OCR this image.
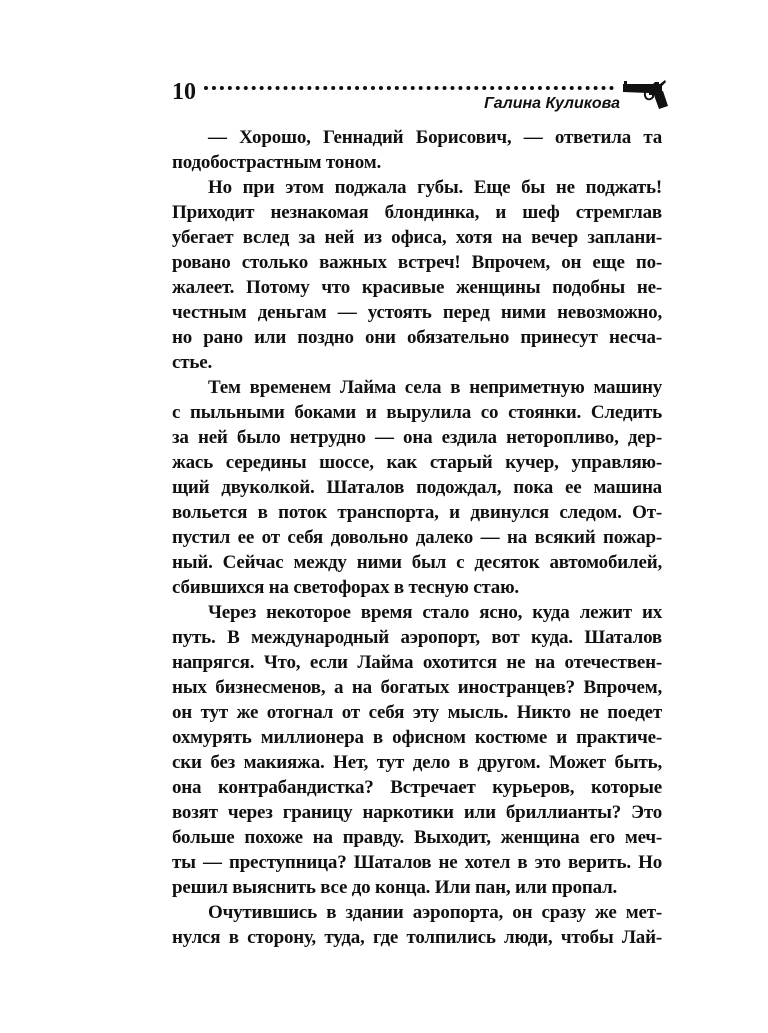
10	Галина Куликова
— Хорошо, Геннадий Борисович, — ответила та
подобострастным тоном.
Но при этом поджала губы. Еще бы не поджать!
Приходит незнакомая блондинка, и шеф стремглав
убегает вслед за ней из офиса, хотя на вечер заплани-
ровано столько важных встреч! Впрочем, он еще по-
жалеет. Потому что красивые женщины подобны не-
честным деньгам — устоять перед ними невозможно,
но рано или поздно они обязательно принесут несча-
стье.
Тем временем Лайма села в неприметную машину
с пыльными боками и вырулила со стоянки. Следить
за ней было нетрудно — она ездила неторопливо, дер-
жась середины шоссе, как старый кучер, управляю-
щий двуколкой. Шаталов подождал, пока ее машина
вольется в поток транспорта, и двинулся следом. От-
пустил ее от себя довольно далеко — на всякий пожар-
ный. Сейчас между ними был с десяток автомобилей,
сбившихся на светофорах в тесную стаю.
Через некоторое время стало ясно, куда лежит их
путь. В международный аэропорт, вот куда. Шаталов
напрягся. Что, если Лайма охотится не на отечествен-
ных бизнесменов, а на богатых иностранцев? Впрочем,
он тут же отогнал от себя эту мысль. Никто не поедет
охмурять миллионера в офисном костюме и практиче-
ски без макияжа. Нет, тут дело в другом. Может быть,
она контрабандистка? Встречает курьеров, которые
возят через границу наркотики или бриллианты? Это
больше похоже на правду. Выходит, женщина его меч-
ты — преступница? Шаталов не хотел в это верить. Но
решил выяснить все до конца. Или пан, или пропал.
Очутившись в здании аэропорта, он сразу же мет-
нулся в сторону, туда, где толпились люди, чтобы Лай-
